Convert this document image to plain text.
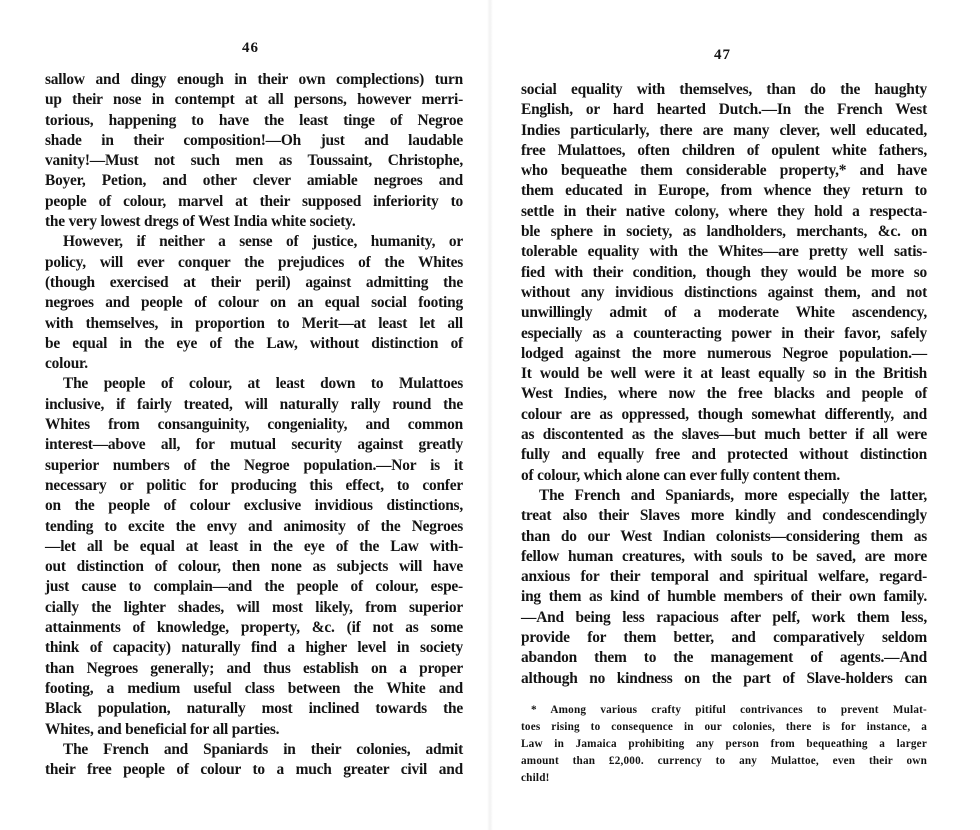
46
sallow and dingy enough in their own complections) turn
up their nose in contempt at all persons, however merri-
torious, happening to have the least tinge of Negroe
shade in their composition!—Oh just and laudable
vanity!—Must not such men as Toussaint, Christophe,
Boyer, Petion, and other clever amiable negroes and
people of colour, marvel at their supposed inferiority to
the very lowest dregs of West India white society.
However, if neither a sense of justice, humanity, or
policy, will ever conquer the prejudices of the Whites
(though exercised at their peril) against admitting the
negroes and people of colour on an equal social footing
with themselves, in proportion to Merit—at least let all
be equal in the eye of the Law, without distinction of
colour.
The people of colour, at least down to Mulattoes
inclusive, if fairly treated, will naturally rally round the
Whites from consanguinity, congeniality, and common
interest—above all, for mutual security against greatly
superior numbers of the Negroe population.—Nor is it
necessary or politic for producing this effect, to confer
on the people of colour exclusive invidious distinctions,
tending to excite the envy and animosity of the Negroes
—let all be equal at least in the eye of the Law with-
out distinction of colour, then none as subjects will have
just cause to complain—and the people of colour, espe-
cially the lighter shades, will most likely, from superior
attainments of knowledge, property, &c. (if not as some
think of capacity) naturally find a higher level in society
than Negroes generally; and thus establish on a proper
footing, a medium useful class between the White and
Black population, naturally most inclined towards the
Whites, and beneficial for all parties.
The French and Spaniards in their colonies, admit
their free people of colour to a much greater civil and
47
social equality with themselves, than do the haughty
English, or hard hearted Dutch.—In the French West
Indies particularly, there are many clever, well educated,
free Mulattoes, often children of opulent white fathers,
who bequeathe them considerable property,* and have
them educated in Europe, from whence they return to
settle in their native colony, where they hold a respecta-
ble sphere in society, as landholders, merchants, &c. on
tolerable equality with the Whites—are pretty well satis-
fied with their condition, though they would be more so
without any invidious distinctions against them, and not
unwillingly admit of a moderate White ascendency,
especially as a counteracting power in their favor, safely
lodged against the more numerous Negroe population.—
It would be well were it at least equally so in the British
West Indies, where now the free blacks and people of
colour are as oppressed, though somewhat differently, and
as discontented as the slaves—but much better if all were
fully and equally free and protected without distinction
of colour, which alone can ever fully content them.
The French and Spaniards, more especially the latter,
treat also their Slaves more kindly and condescendingly
than do our West Indian colonists—considering them as
fellow human creatures, with souls to be saved, are more
anxious for their temporal and spiritual welfare, regard-
ing them as kind of humble members of their own family.
—And being less rapacious after pelf, work them less,
provide for them better, and comparatively seldom
abandon them to the management of agents.—And
although no kindness on the part of Slave-holders can
* Among various crafty pitiful contrivances to prevent Mulat-
toes rising to consequence in our colonies, there is for instance, a
Law in Jamaica prohibiting any person from bequeathing a larger
amount than £2,000. currency to any Mulattoe, even their own
child!
